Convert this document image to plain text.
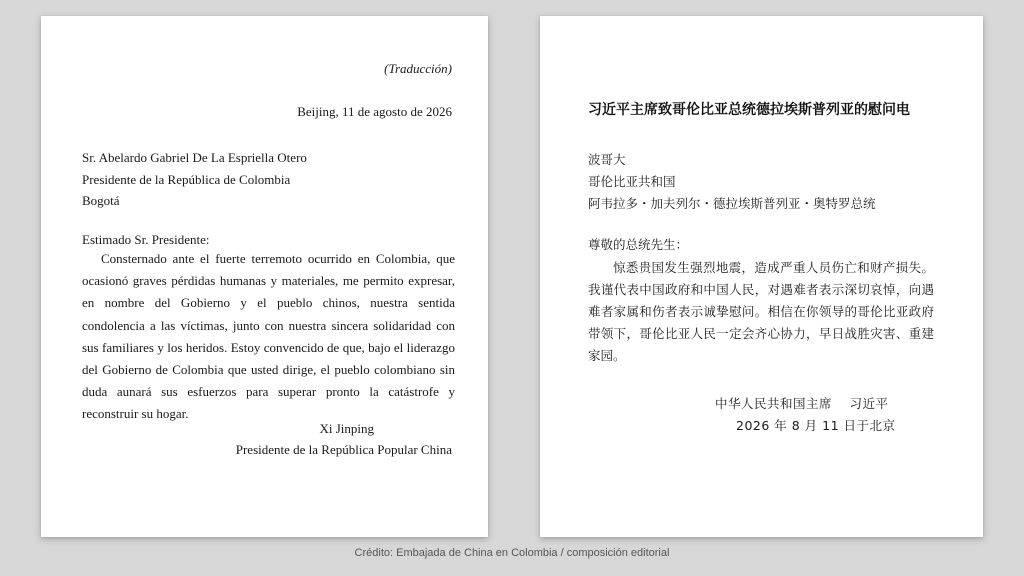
(Traducción)
Beijing, 11 de agosto de 2026
Sr. Abelardo Gabriel De La Espriella Otero
Presidente de la República de Colombia
Bogotá
Estimado Sr. Presidente:
Consternado ante el fuerte terremoto ocurrido en Colombia, que ocasionó graves pérdidas humanas y materiales, me permito expresar, en nombre del Gobierno y el pueblo chinos, nuestra sentida condolencia a las víctimas, junto con nuestra sincera solidaridad con sus familiares y los heridos. Estoy convencido de que, bajo el liderazgo del Gobierno de Colombia que usted dirige, el pueblo colombiano sin duda aunará sus esfuerzos para superar pronto la catástrofe y reconstruir su hogar.
Xi Jinping
Presidente de la República Popular China
习近平主席致哥伦比亚总统德拉埃斯普列亚的慰问电
波哥大
哥伦比亚共和国
阿韦拉多・加夫列尔・德拉埃斯普列亚・奥特罗总统
尊敬的总统先生：
惊悉贵国发生强烈地震，造成严重人员伤亡和财产损失。我谨代表中国政府和中国人民，对遇难者表示深切哀悼，向遇难者家属和伤者表示诚挚慰问。相信在你领导的哥伦比亚政府带领下，哥伦比亚人民一定会齐心协力，早日战胜灾害、重建家园。
中华人民共和国主席　 习近平
2026 年 8 月 11 日于北京
Crédito: Embajada de China en Colombia / composición editorial
